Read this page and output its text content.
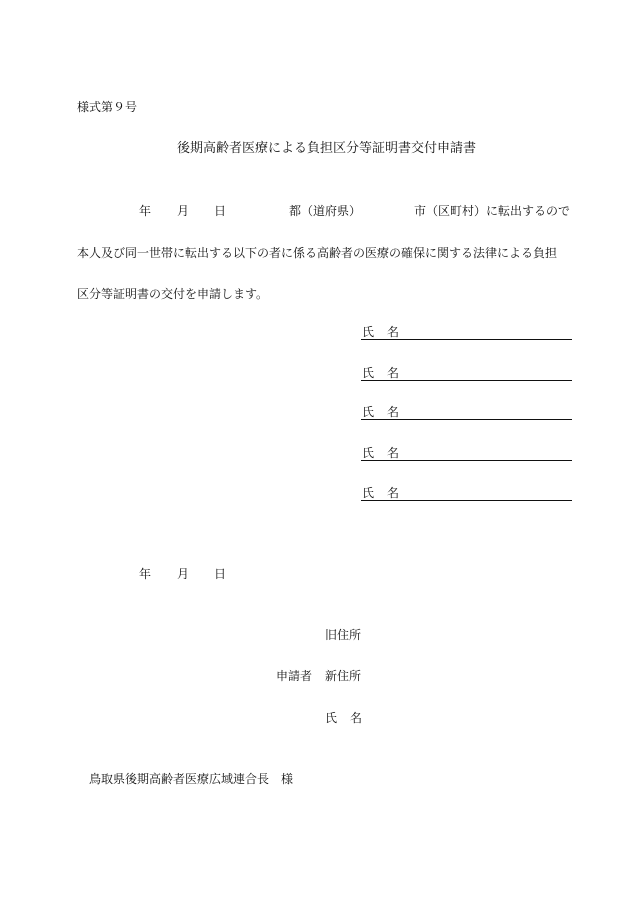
様式第９号
後期高齢者医療による負担区分等証明書交付申請書
年 月 日	都（道府県）	市（区町村）に転出するので
本人及び同一世帯に転出する以下の者に係る高齢者の医療の確保に関する法律による負担
区分等証明書の交付を申請します。
氏 名
氏 名
氏 名
氏 名
氏 名
年 月 日
旧住所
申請者 新住所
氏 名
鳥取県後期高齢者医療広域連合長　様
